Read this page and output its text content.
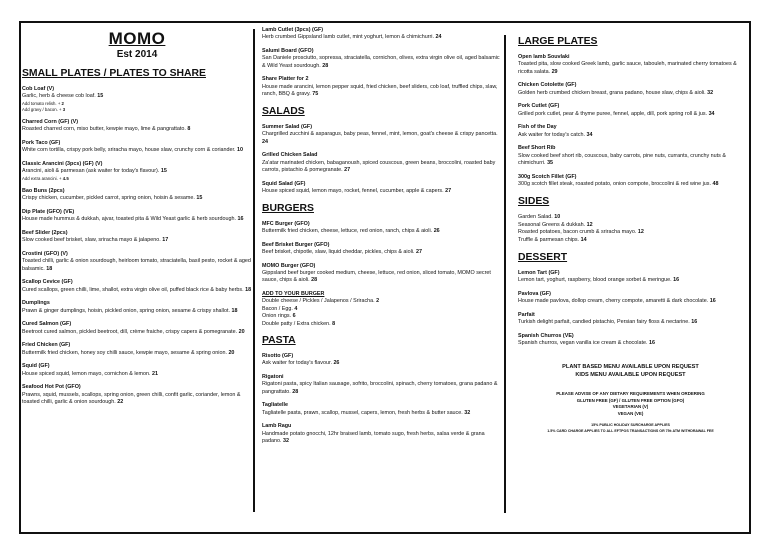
MOMO
Est 2014
SMALL PLATES / PLATES TO SHARE
Cob Loaf (V)
Garlic, herb & cheese cob loaf. 15
Add tomato relish. + 2
Add gravy / bacon. + 3
Charred Corn (GF) (V)
Roasted charred corn, miso butter, kewpie mayo, lime & pangrattato. 8
Pork Taco (GF)
White corn tortilla, crispy pork belly, sriracha mayo, house slaw, crunchy corn & coriander. 10
Classic Arancini (3pcs) (GF) (V)
Arancini, aioli & parmesan (ask waiter for today's flavour). 15
Add extra arancini. + 4.5
Bao Buns (2pcs)
Crispy chicken, cucumber, pickled carrot, spring onion, hoisin & sesame. 15
Dip Plate (GFO) (VE)
House made hummus & dukkah, ajvar, toasted pita & Wild Yeast garlic & herb sourdough. 16
Beef Slider (2pcs)
Slow cooked beef brisket, slaw, sriracha mayo & jalapeno. 17
Crostini (GFO) (V)
Toasted chilli, garlic & onion sourdough, heirloom tomato, straciatella, basil pesto, rocket & aged balsamic. 18
Scallop Cevice (GF)
Cured scallops, green chilli, lime, shallot, extra virgin olive oil, puffed black rice & baby herbs. 18
Dumplings
Prawn & ginger dumplings, hoisin, pickled onion, spring onion, sesame & crispy shallot. 18
Cured Salmon (GF)
Beetroot cured salmon, pickled beetroot, dill, crème fraiche, crispy capers & pomegranate. 20
Fried Chicken (GF)
Buttermilk fried chicken, honey soy chilli sauce, kewpie mayo, sesame & spring onion. 20
Squid (GF)
House spiced squid, lemon mayo, cornichon & lemon. 21
Seafood Hot Pot (GFO)
Prawns, squid, mussels, scallops, spring onion, green chilli, confit garlic, coriander, lemon & toasted chilli, garlic & onion sourdough. 22
Lamb Cutlet (3pcs) (GF)
Herb crumbed Gippsland lamb cutlet, mint yoghurt, lemon & chimichurri. 24
Salumi Board (GFO)
San Daniele prosciutto, sopressa, straciatella, cornichon, olives, extra virgin olive oil, aged balsamic & Wild Yeast sourdough. 28
Share Platter for 2
House made arancini, lemon pepper squid, fried chicken, beef sliders, cob loaf, truffled chips, slaw, ranch, BBQ & gravy. 75
SALADS
Summer Salad (GF)
Chargrilled zucchini & asparagus, baby peas, fennel, mint, lemon, goat's cheese & crispy pancetta. 24
Grilled Chicken Salad
Za'atar marinated chicken, babaganoush, spiced couscous, green beans, broccolini, roasted baby carrots, pistachio & pomegranate. 27
Squid Salad (GF)
House spiced squid, lemon mayo, rocket, fennel, cucumber, apple & capers. 27
BURGERS
MFC Burger (GFO)
Buttermilk fried chicken, cheese, lettuce, red onion, ranch, chips & aioli. 26
Beef Brisket Burger (GFO)
Beef brisket, chipotle, slaw, liquid cheddar, pickles, chips & aioli. 27
MOMO Burger (GFO)
Gippsland beef burger cooked medium, cheese, lettuce, red onion, sliced tomato, MOMO secret sauce, chips & aioli. 28
ADD TO YOUR BURGER
Double cheese / Pickles / Jalapenos / Sriracha. 2
Bacon / Egg. 4
Onion rings. 6
Double patty / Extra chicken. 8
PASTA
Risotto (GF)
Ask waiter for today's flavour. 26
Rigatoni
Rigatoni pasta, spicy Italian sausage, sofrito, broccolini, spinach, cherry tomatoes, grana padano & pangrattato. 28
Tagliatelle
Tagliatelle pasta, prawn, scallop, mussel, capers, lemon, fresh herbs & butter sauce. 32
Lamb Ragu
Handmade potato gnocchi, 12hr braised lamb, tomato sugo, fresh herbs, salsa verde & grana padano. 32
LARGE PLATES
Open lamb Souvlaki
Toasted pita, slow cooked Greek lamb, garlic sauce, tabouleh, marinated cherry tomatoes & ricotta salata. 29
Chicken Cotolette (GF)
Golden herb crumbed chicken breast, grana padano, house slaw, chips & aioli. 32
Pork Cutlet (GF)
Grilled pork cutlet, pear & thyme puree, fennel, apple, dill, pork spring roll & jus. 34
Fish of the Day
Ask waiter for today's catch. 34
Beef Short Rib
Slow cooked beef short rib, couscous, baby carrots, pine nuts, currants, crunchy nuts & chimichurri. 35
300g Scotch Fillet (GF)
300g scotch fillet steak, roasted potato, onion compote, broccolini & red wine jus. 48
SIDES
Garden Salad. 10
Seasonal Greens & dukkah. 12
Roasted potatoes, bacon crumb & sriracha mayo. 12
Truffle & parmesan chips. 14
DESSERT
Lemon Tart (GF)
Lemon tart, yoghurt, raspberry, blood orange sorbet & meringue. 16
Pavlova (GF)
House made pavlova, dollop cream, cherry compote, amaretti & dark chocolate. 16
Parfait
Turkish delight parfait, candied pistachio, Persian fairy floss & nectarine. 16
Spanish Churros (VE)
Spanish churros, vegan vanilla ice cream & chocolate. 16
PLANT BASED MENU AVAILABLE UPON REQUEST
KIDS MENU AVAILABLE UPON REQUEST
PLEASE ADVISE OF ANY DIETARY REQUIREMENTS WHEN ORDERING
GLUTEN FREE (GF) / GLUTEN FREE OPTION (GFO)
VEGETARIAN (V)
VEGAN (VE)
15% PUBLIC HOLIDAY SURCHARGE APPLIES
1.5% CARD CHARGE APPLIES TO ALL EFTPOS TRANSACTIONS OR 75¢ ATM WITHDRAWAL FEE
